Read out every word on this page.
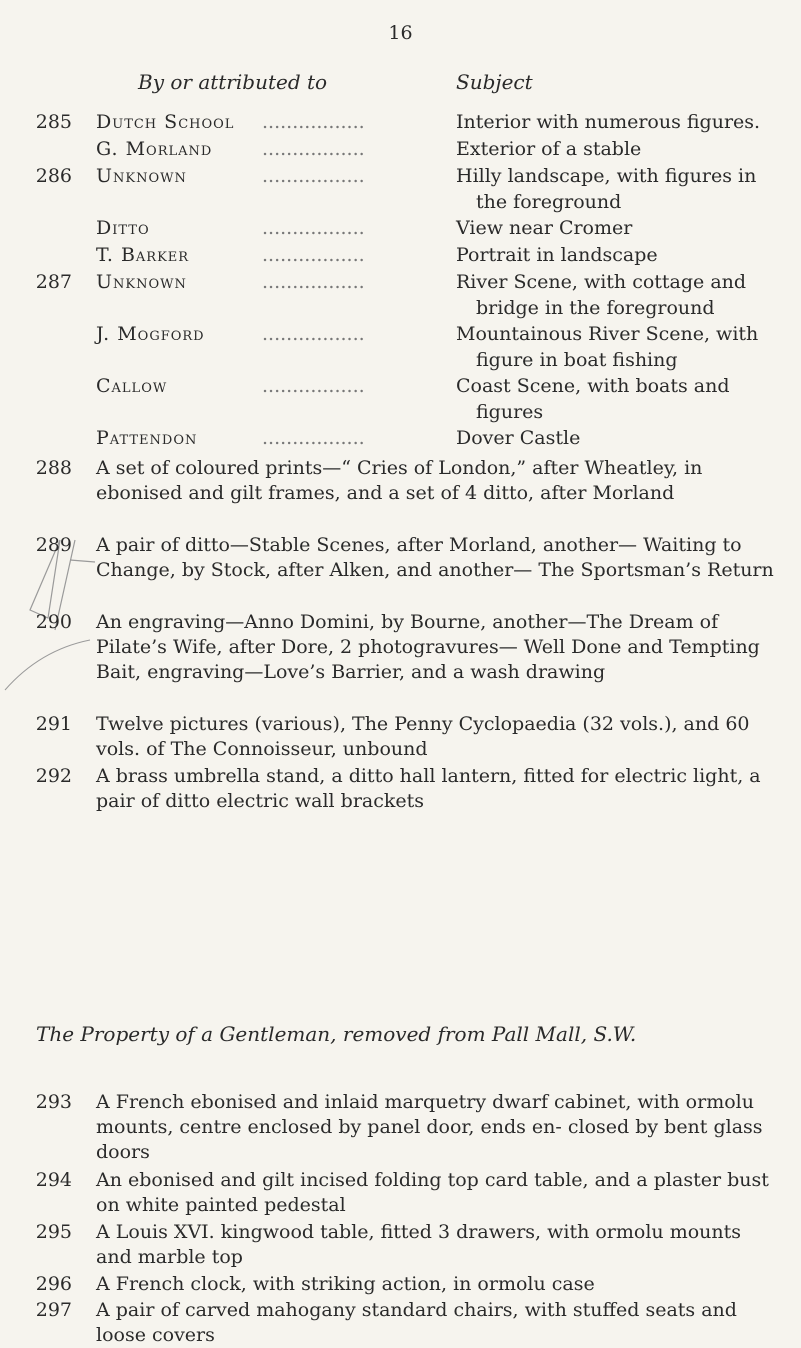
16
By or attributed to	Subject
285 Dutch School	Interior with numerous figures.
G. Morland	Exterior of a stable
286 Unknown	Hilly landscape, with figures in
the foreground
Ditto	View near Cromer
T. Barker	Portrait in landscape
287 Unknown	River Scene, with cottage and
bridge in the foreground
J. Mogford	Mountainous River Scene, with
figure in boat fishing
Callow	Coast Scene, with boats and
figures
Pattendon	Dover Castle
.................
.................
.................
.................
.................
.................
.................
.................
.................
288 A set of coloured prints—“ Cries of London,” after Wheatley, in ebonised and gilt frames, and a set of 4 ditto, after Morland
289 A pair of ditto—Stable Scenes, after Morland, another— Waiting to Change, by Stock, after Alken, and another— The Sportsman’s Return
290 An engraving—Anno Domini, by Bourne, another—The Dream of Pilate’s Wife, after Dore, 2 photogravures— Well Done and Tempting Bait, engraving—Love’s Barrier, and a wash drawing
291 Twelve pictures (various), The Penny Cyclopaedia (32 vols.), and 60 vols. of The Connoisseur, unbound
292 A brass umbrella stand, a ditto hall lantern, fitted for electric light, a pair of ditto electric wall brackets
The Property of a Gentleman, removed from Pall Mall, S.W.
293 A French ebonised and inlaid marquetry dwarf cabinet, with ormolu mounts, centre enclosed by panel door, ends en- closed by bent glass doors
294 An ebonised and gilt incised folding top card table, and a plaster bust on white painted pedestal
295 A Louis XVI. kingwood table, fitted 3 drawers, with ormolu mounts and marble top
296 A French clock, with striking action, in ormolu case
297 A pair of carved mahogany standard chairs, with stuffed seats and loose covers
